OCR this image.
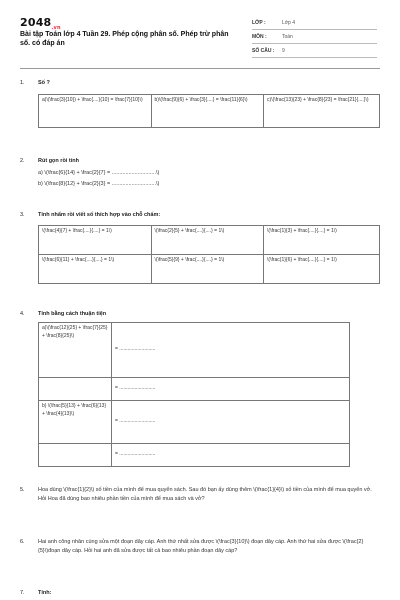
$2048_{.vn}$
Bài tập Toán lớp 4 Tuần 29. Phép cộng phân số. Phép trừ phân số. có đáp án
LỚP :	Lớp 4
MÔN :	Toán
SỐ CÂU :	9
1. Số ?
a)\(\frac{3}{10}) + \frac{....}{10} = \frac{7}{10}\)	b)\(\frac{9}{6} + \frac{3}{....} = \frac{11}{6}\)	c)\(\frac{13}{23} + \frac{8}{23} = \frac{21}{....}\)
2. Rút gọn rồi tính
a) \(\frac{6}{14} + \frac{2}{7} = .............................\)
b) \(\frac{8}{12} + \frac{2}{3} = .............................\)
3. Tính nhẩm rồi viết số thích hợp vào chỗ chấm:
\(\frac{4}{7} + \frac{....}{....} = 1\)	\(\frac{2}{5} + \frac{....}{....} = 1\)	\(\frac{1}{3} + \frac{....}{....} = 1\)
\(\frac{6}{11} + \frac{....}{....} = 1\)	\(\frac{5}{9} + \frac{....}{....} = 1\)	\(\frac{1}{6} + \frac{....}{....} = 1\)
4. Tính bằng cách thuận tiện
a)\(\frac{12}{25} + \frac{7}{25} + \frac{8}{25}\)	= ..........................
	= ..........................
b) \(\frac{5}{13} + \frac{6}{13} + \frac{4}{13}\)	= ..........................
	= ..........................
5.	Hoa dùng \(\frac{1}{2}\) số tiền của mình để mua quyển sách. Sau đó bạn ấy dùng thêm \(\frac{1}{4}\) số tiền của mình để mua quyển vở. Hỏi Hoa đã dùng bao nhiêu phần tiền của mình để mua sách và vở?
6.	Hai anh công nhân cùng sửa một đoạn dây cáp. Anh thứ nhất sửa được \(\frac{3}{10}\) đoạn dây cáp. Anh thứ hai sửa được \(\frac{2}{5}\)đoạn dây cáp. Hỏi hai anh đã sửa được tất cả bao nhiêu phần đoạn dây cáp?
7. Tính:
